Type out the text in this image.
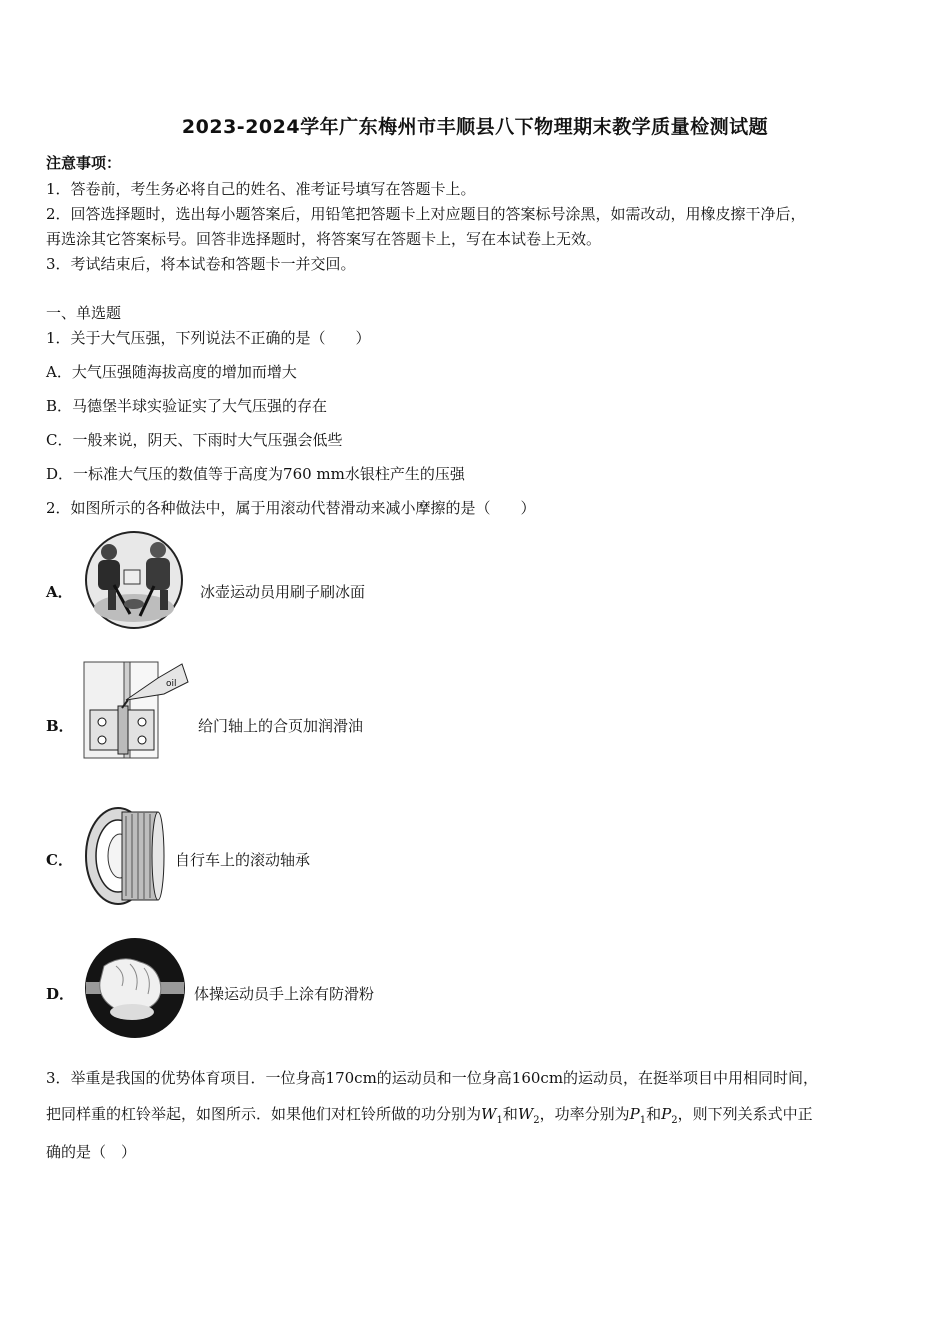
2023-2024学年广东梅州市丰顺县八下物理期末教学质量检测试题
注意事项：
1．答卷前，考生务必将自己的姓名、准考证号填写在答题卡上。
2．回答选择题时，选出每小题答案后，用铅笔把答题卡上对应题目的答案标号涂黑，如需改动，用橡皮擦干净后，
再选涂其它答案标号。回答非选择题时，将答案写在答题卡上，写在本试卷上无效。
3．考试结束后，将本试卷和答题卡一并交回。
一、单选题
1．关于大气压强，下列说法不正确的是（　　）
A．大气压强随海拔高度的增加而增大
B．马德堡半球实验证实了大气压强的存在
C．一般来说，阴天、下雨时大气压强会低些
D．一标准大气压的数值等于高度为760 mm水银柱产生的压强
2．如图所示的各种做法中，属于用滚动代替滑动来减小摩擦的是（　　）
A．	冰壶运动员用刷子刷冰面
B．
oil
给门轴上的合页加润滑油
C．	自行车上的滚动轴承
D．	体操运动员手上涂有防滑粉
3．举重是我国的优势体育项目．一位身高170cm的运动员和一位身高160cm的运动员，在挺举项目中用相同时间，
把同样重的杠铃举起，如图所示．如果他们对杠铃所做的功分别为$W_1$和$W_2$，功率分别为$P_1$和$P_2$，则下列关系式中正
确的是（　）
